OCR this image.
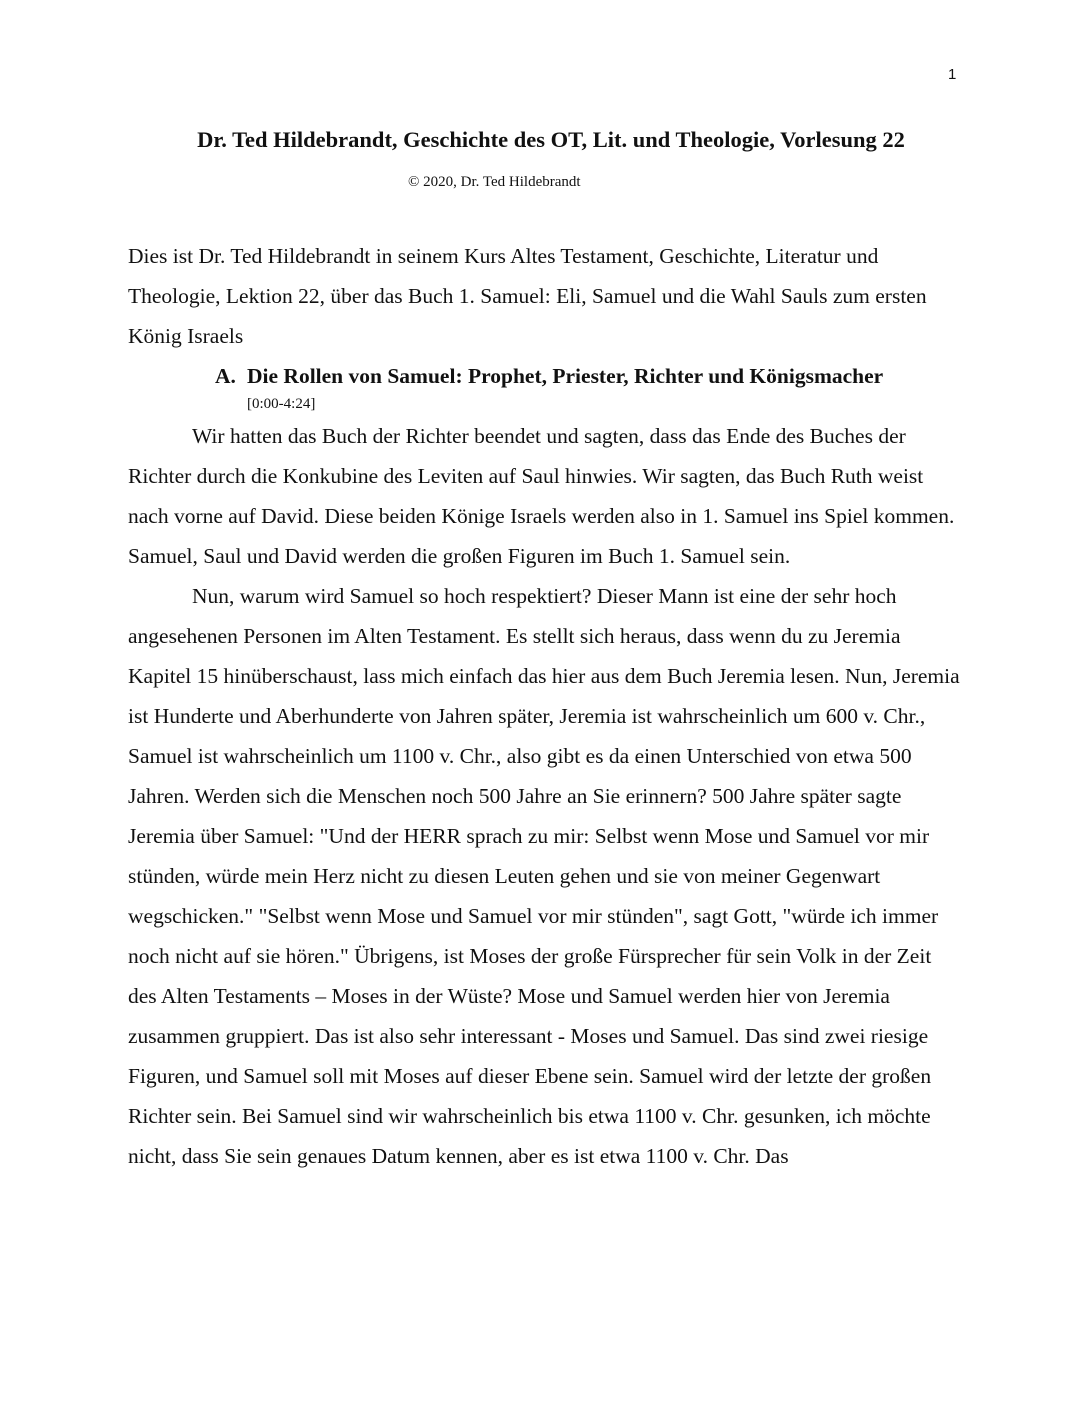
1
Dr. Ted Hildebrandt, Geschichte des OT, Lit. und Theologie, Vorlesung 22
© 2020, Dr. Ted Hildebrandt

Dies ist Dr. Ted Hildebrandt in seinem Kurs Altes Testament, Geschichte, Literatur und Theologie, Lektion 22, über das Buch 1. Samuel: Eli, Samuel und die Wahl Sauls zum ersten König Israels

A. Die Rollen von Samuel: Prophet, Priester, Richter und Königsmacher
[0:00-4:24]

Wir hatten das Buch der Richter beendet und sagten, dass das Ende des Buches der Richter durch die Konkubine des Leviten auf Saul hinwies. Wir sagten, das Buch Ruth weist nach vorne auf David. Diese beiden Könige Israels werden also in 1. Samuel ins Spiel kommen. Samuel, Saul und David werden die großen Figuren im Buch 1. Samuel sein.

Nun, warum wird Samuel so hoch respektiert? Dieser Mann ist eine der sehr hoch angesehenen Personen im Alten Testament. Es stellt sich heraus, dass wenn du zu Jeremia Kapitel 15 hinüberschaust, lass mich einfach das hier aus dem Buch Jeremia lesen. Nun, Jeremia ist Hunderte und Aberhunderte von Jahren später, Jeremia ist wahrscheinlich um 600 v. Chr., Samuel ist wahrscheinlich um 1100 v. Chr., also gibt es da einen Unterschied von etwa 500 Jahren. Werden sich die Menschen noch 500 Jahre an Sie erinnern? 500 Jahre später sagte Jeremia über Samuel: "Und der HERR sprach zu mir: Selbst wenn Mose und Samuel vor mir stünden, würde mein Herz nicht zu diesen Leuten gehen und sie von meiner Gegenwart wegschicken." "Selbst wenn Mose und Samuel vor mir stünden", sagt Gott, "würde ich immer noch nicht auf sie hören." Übrigens, ist Moses der große Fürsprecher für sein Volk in der Zeit des Alten Testaments – Moses in der Wüste? Mose und Samuel werden hier von Jeremia zusammen gruppiert. Das ist also sehr interessant - Moses und Samuel. Das sind zwei riesige Figuren, und Samuel soll mit Moses auf dieser Ebene sein. Samuel wird der letzte der großen Richter sein. Bei Samuel sind wir wahrscheinlich bis etwa 1100 v. Chr. gesunken, ich möchte nicht, dass Sie sein genaues Datum kennen, aber es ist etwa 1100 v. Chr. Das
